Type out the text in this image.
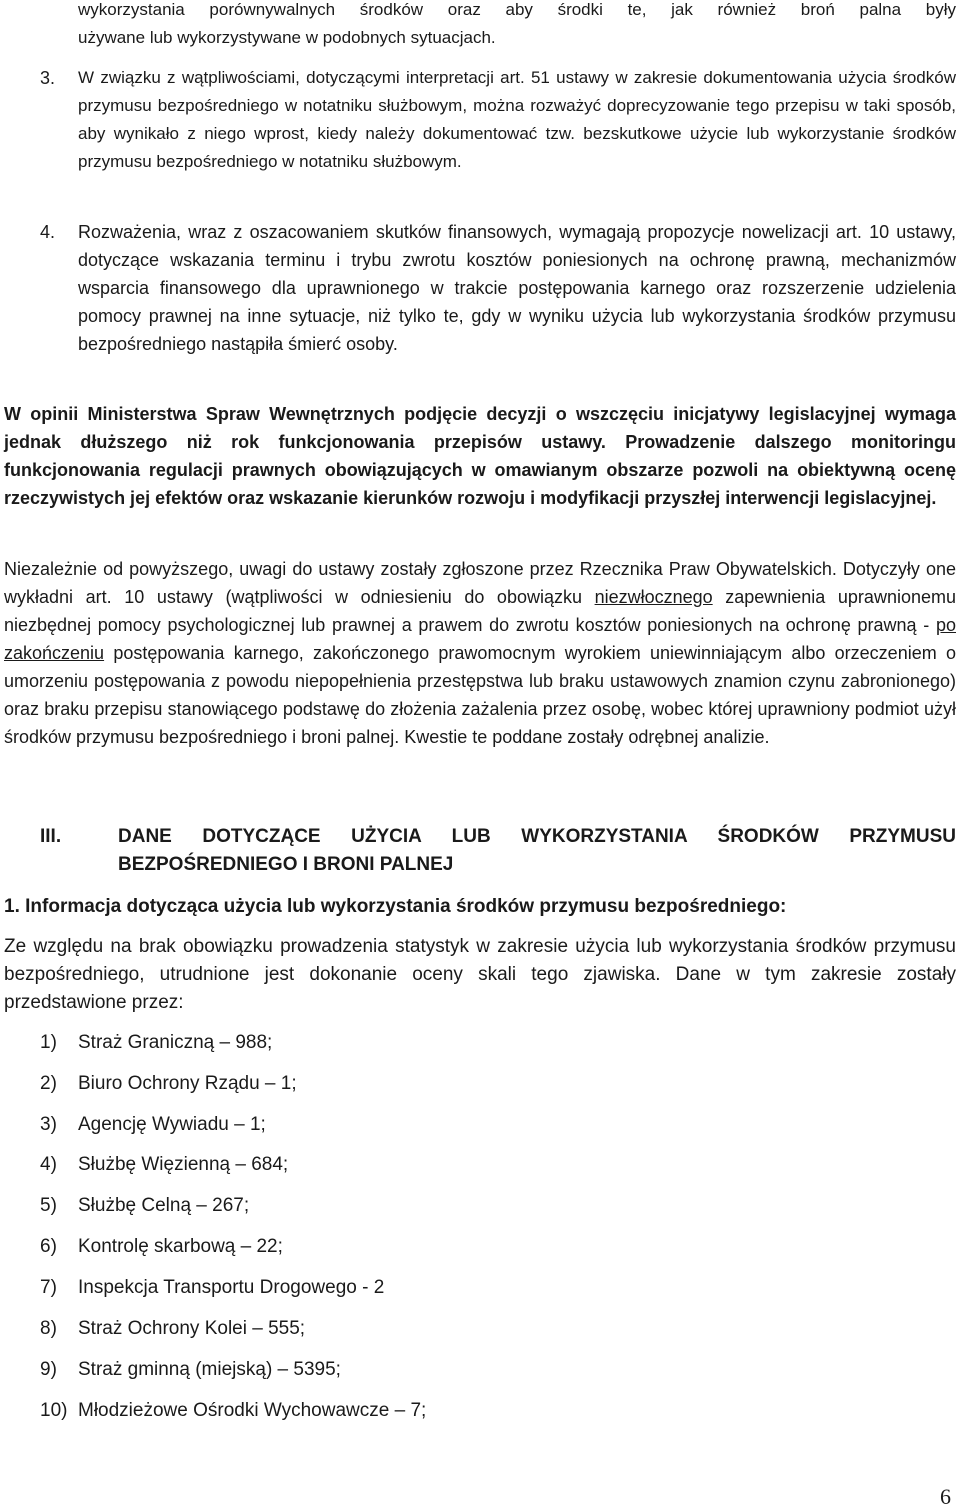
wykorzystania porównywalnych środków oraz aby środki te, jak również broń palna były
używane lub wykorzystywane w podobnych sytuacjach.

3. W związku z wątpliwościami, dotyczącymi interpretacji art. 51 ustawy w zakresie dokumentowania użycia środków przymusu bezpośredniego w notatniku służbowym, można rozważyć doprecyzowanie tego przepisu w taki sposób, aby wynikało z niego wprost, kiedy należy dokumentować tzw. bezskutkowe użycie lub wykorzystanie środków przymusu bezpośredniego w notatniku służbowym.

4. Rozważenia, wraz z oszacowaniem skutków finansowych, wymagają propozycje nowelizacji art. 10 ustawy, dotyczące wskazania terminu i trybu zwrotu kosztów poniesionych na ochronę prawną, mechanizmów wsparcia finansowego dla uprawnionego w trakcie postępowania karnego oraz rozszerzenie udzielenia pomocy prawnej na inne sytuacje, niż tylko te, gdy w wyniku użycia lub wykorzystania środków przymusu bezpośredniego nastąpiła śmierć osoby.

W opinii Ministerstwa Spraw Wewnętrznych podjęcie decyzji o wszczęciu inicjatywy legislacyjnej wymaga jednak dłuższego niż rok funkcjonowania przepisów ustawy. Prowadzenie dalszego monitoringu funkcjonowania regulacji prawnych obowiązujących w omawianym obszarze pozwoli na obiektywną ocenę rzeczywistych jej efektów oraz wskazanie kierunków rozwoju i modyfikacji przyszłej interwencji legislacyjnej.

Niezależnie od powyższego, uwagi do ustawy zostały zgłoszone przez Rzecznika Praw Obywatelskich. Dotyczyły one wykładni art. 10 ustawy (wątpliwości w odniesieniu do obowiązku niezwłocznego zapewnienia uprawnionemu niezbędnej pomocy psychologicznej lub prawnej a prawem do zwrotu kosztów poniesionych na ochronę prawną - po zakończeniu postępowania karnego, zakończonego prawomocnym wyrokiem uniewinniającym albo orzeczeniem o umorzeniu postępowania z powodu niepopełnienia przestępstwa lub braku ustawowych znamion czynu zabronionego) oraz braku przepisu stanowiącego podstawę do złożenia zażalenia przez osobę, wobec której uprawniony podmiot użył środków przymusu bezpośredniego i broni palnej. Kwestie te poddane zostały odrębnej analizie.

III.	DANE DOTYCZĄCE UŻYCIA LUB WYKORZYSTANIA ŚRODKÓW PRZYMUSU
BEZPOŚREDNIEGO I BRONI PALNEJ

1. Informacja dotycząca użycia lub wykorzystania środków przymusu bezpośredniego:

Ze względu na brak obowiązku prowadzenia statystyk w zakresie użycia lub wykorzystania środków przymusu bezpośredniego, utrudnione jest dokonanie oceny skali tego zjawiska. Dane w tym zakresie zostały przedstawione przez:

1) Straż Graniczną – 988;
2) Biuro Ochrony Rządu – 1;
3) Agencję Wywiadu – 1;
4) Służbę Więzienną – 684;
5) Służbę Celną – 267;
6) Kontrolę skarbową – 22;
7) Inspekcja Transportu Drogowego - 2
8) Straż Ochrony Kolei – 555;
9) Straż gminną (miejską) – 5395;
10) Młodzieżowe Ośrodki Wychowawcze – 7;
6
